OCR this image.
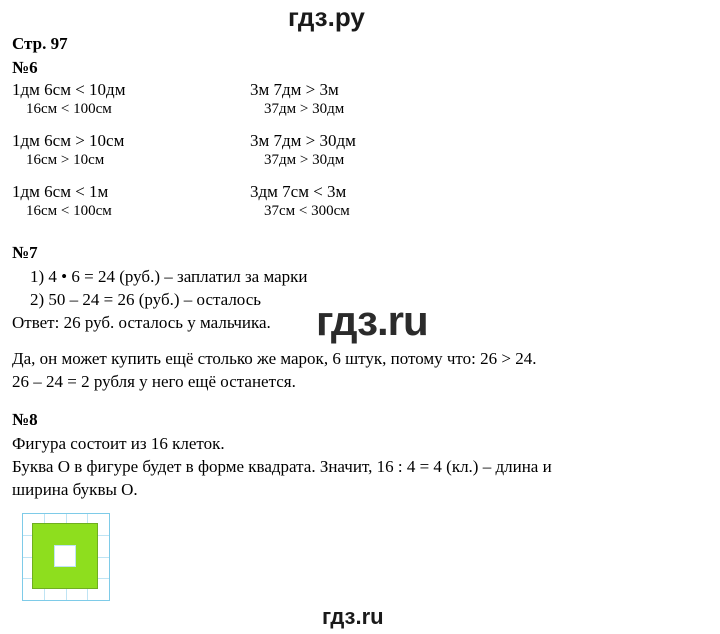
гдз.ру
Стр. 97
№6
1дм 6см < 10дм
16см < 100см
3м 7дм > 3м
37дм > 30дм
1дм 6см > 10см
16см > 10см
3м 7дм > 30дм
37дм > 30дм
1дм 6см < 1м
16см < 100см
3дм 7см < 3м
37см < 300см
№7
1) 4 • 6 = 24 (руб.) – заплатил за марки
2) 50 – 24 = 26 (руб.) – осталось
Ответ: 26 руб. осталось у мальчика.
Да, он может купить ещё столько же марок, 6 штук, потому что: 26 > 24.
26 – 24 = 2 рубля у него ещё останется.
№8
Фигура состоит из 16 клеток.
Буква О в фигуре будет в форме квадрата. Значит, 16 : 4 = 4 (кл.) – длина и
ширина буквы О.
гдз.ru
гдз.ru
